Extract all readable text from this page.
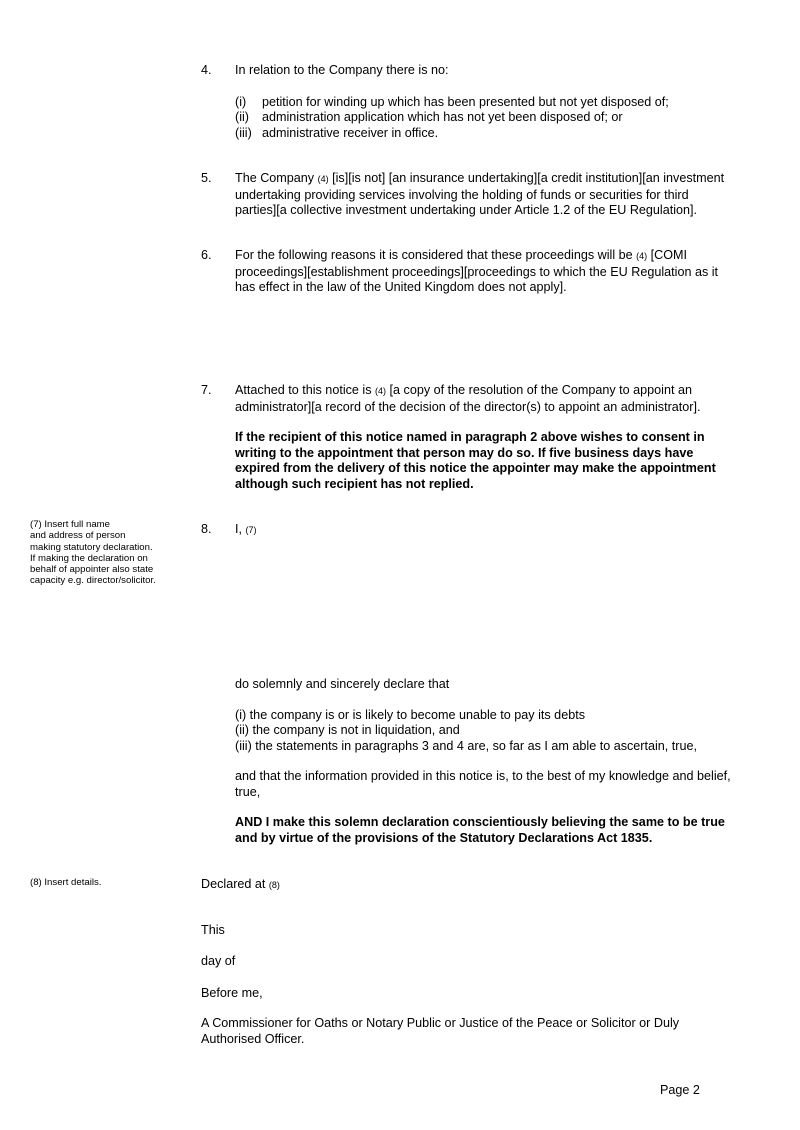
4. In relation to the Company there is no:
(i)	petition for winding up which has been presented but not yet disposed of;
(ii)	administration application which has not yet been disposed of; or
(iii) administrative receiver in office.
5. The Company (4) [is][is not] [an insurance undertaking][a credit institution][an investment
undertaking providing services involving the holding of funds or securities for third
parties][a collective investment undertaking under Article 1.2 of the EU Regulation].
6. For the following reasons it is considered that these proceedings will be (4) [COMI
proceedings][establishment proceedings][proceedings to which the EU Regulation as it
has effect in the law of the United Kingdom does not apply].
7. Attached to this notice is (4) [a copy of the resolution of the Company to appoint an
administrator][a record of the decision of the director(s) to appoint an administrator].
If the recipient of this notice named in paragraph 2 above wishes to consent in
writing to the appointment that person may do so. If five business days have
expired from the delivery of this notice the appointer may make the appointment
although such recipient has not replied.
(7) Insert full name
and address of person
making statutory declaration.
If making the declaration on
behalf of appointer also state
capacity e.g. director/solicitor.
8. I, (7)
do solemnly and sincerely declare that
(i) the company is or is likely to become unable to pay its debts
(ii) the company is not in liquidation, and
(iii) the statements in paragraphs 3 and 4 are, so far as I am able to ascertain, true,
and that the information provided in this notice is, to the best of my knowledge and belief,
true,
AND I make this solemn declaration conscientiously believing the same to be true
and by virtue of the provisions of the Statutory Declarations Act 1835.
(8) Insert details.	Declared at (8)
This
day of
Before me,
A Commissioner for Oaths or Notary Public or Justice of the Peace or Solicitor or Duly
Authorised Officer.
Page 2
